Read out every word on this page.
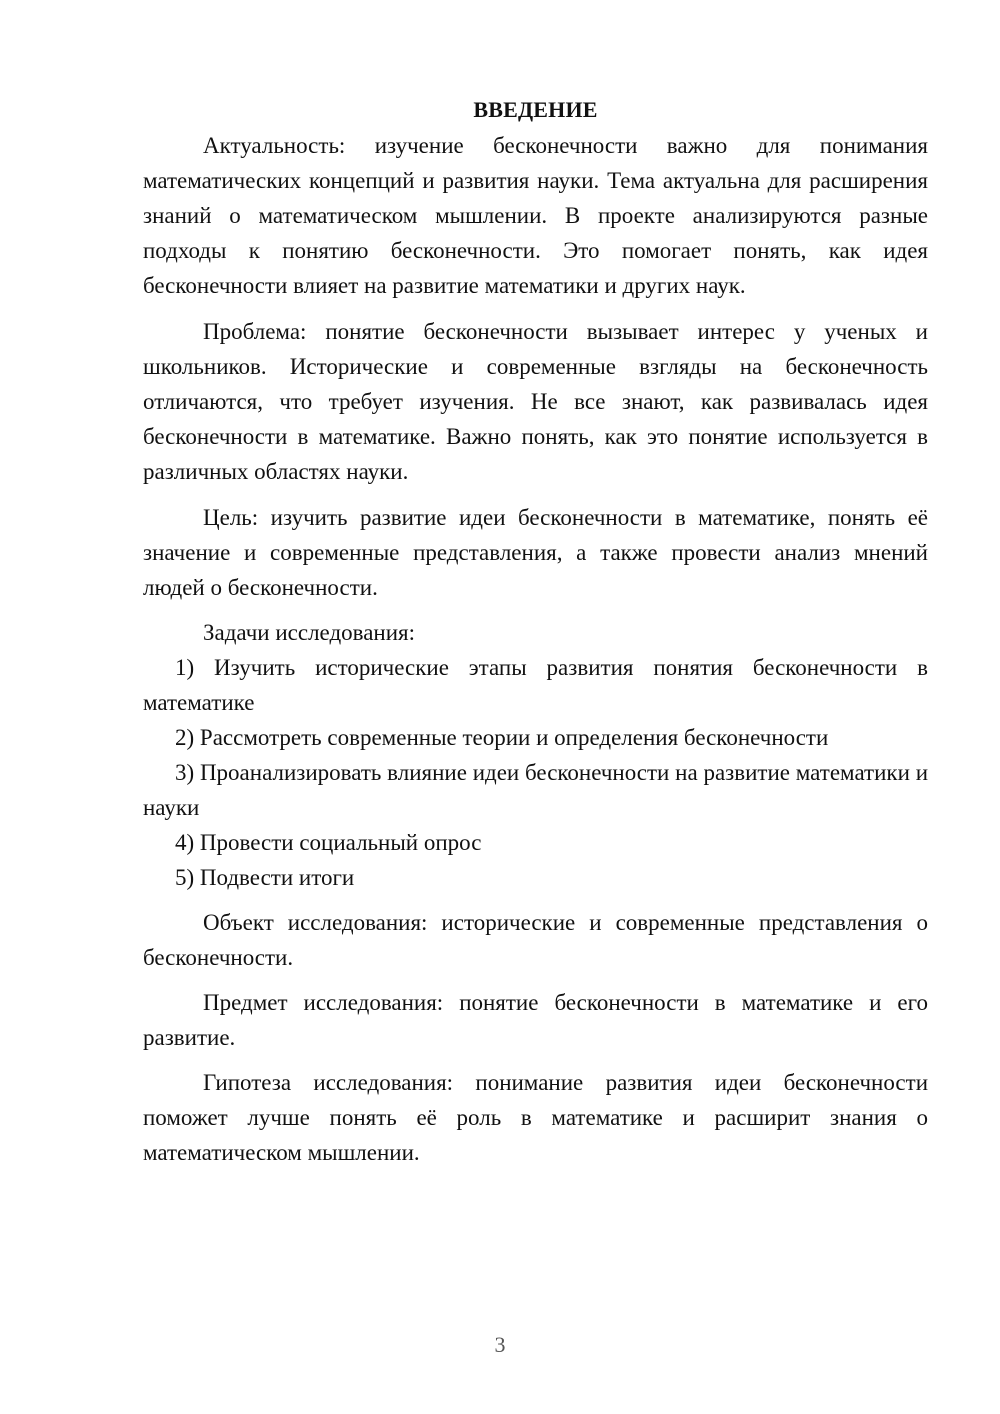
ВВЕДЕНИЕ

Актуальность: изучение бесконечности важно для понимания математических концепций и развития науки. Тема актуальна для расширения знаний о математическом мышлении. В проекте анализируются разные подходы к понятию бесконечности. Это помогает понять, как идея бесконечности влияет на развитие математики и других наук.

Проблема: понятие бесконечности вызывает интерес у ученых и школьников. Исторические и современные взгляды на бесконечность отличаются, что требует изучения. Не все знают, как развивалась идея бесконечности в математике. Важно понять, как это понятие используется в различных областях науки.

Цель: изучить развитие идеи бесконечности в математике, понять её значение и современные представления, а также провести анализ мнений людей о бесконечности.

Задачи исследования:

1) Изучить исторические этапы развития понятия бесконечности в математике
2) Рассмотреть современные теории и определения бесконечности
3) Проанализировать влияние идеи бесконечности на развитие математики и науки
4) Провести социальный опрос
5) Подвести итоги

Объект исследования: исторические и современные представления о бесконечности.

Предмет исследования: понятие бесконечности в математике и его развитие.

Гипотеза исследования: понимание развития идеи бесконечности поможет лучше понять её роль в математике и расширит знания о математическом мышлении.

3
